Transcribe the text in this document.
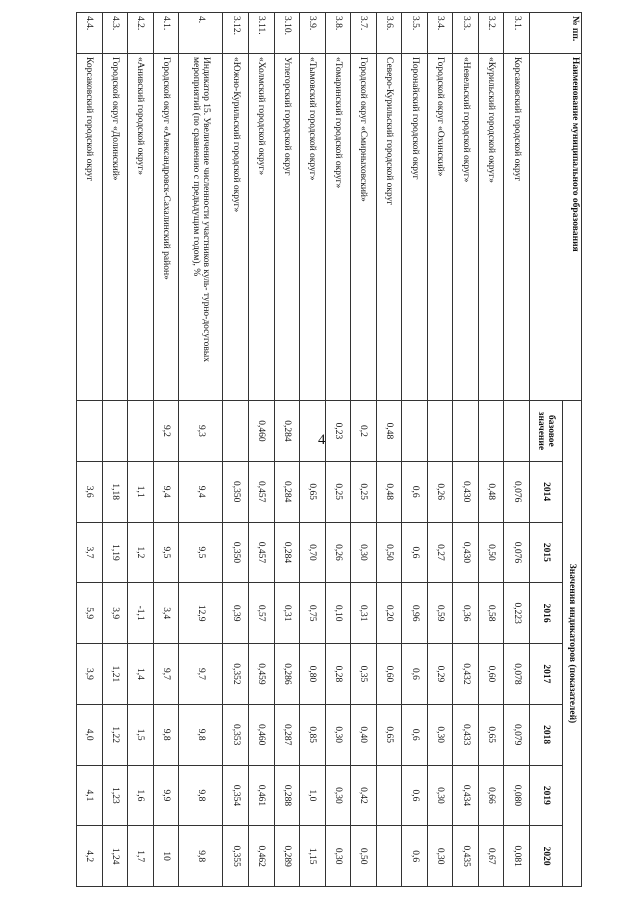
4
№ пп.	Наименование муниципального образования	Значения индикаторов (показателей)							
		базовое значение	2014	2015	2016	2017	2018	2019	2020
3.1.	Корсаковский городской округ		0,076	0,076	0,223	0,078	0,079	0,080	0,081
3.2.	«Курильский городской округ»		0,48	0,50	0,58	0,60	0,65	0,66	0,67
3.3.	«Невельский городской округ»		0,430	0,430	0,36	0,432	0,433	0,434	0,435
3.4.	Городской округ «Охинский»		0,26	0,27	0,59	0,29	0,30	0,30	0,30
3.5.	Поронайский городской округ		0,6	0,6	0,96	0,6	0,6	0,6	0,6
3.6.	Северо-Курильский городской округ	0,48	0,48	0,50	0,20	0,60	0,65		
3.7.	Городской округ «Смирныховский»	0,2	0,25	0,30	0,31	0,35	0,40	0,42	0,50
3.8.	«Томаринский городской округ»	0,23	0,25	0,26	0,10	0,28	0,30	0,30	0,30
3.9.	«Тымовский городской округ»		0,65	0,70	0,75	0,80	0,85	1,0	1,15
3.10.	Углегорский городской округ	0,284	0,284	0,284	0,31	0,286	0,287	0,288	0,289
3.11.	«Холмский городской округ»	0,460	0,457	0,457	0,57	0,459	0,460	0,461	0,462
3.12.	«Южно-Курильский городской округ»		0,350	0,350	0,39	0,352	0,353	0,354	0,355
4.	Индикатор 15. Увеличение численности участников куль- турно-досуговых мероприятий (по сравнению с предыдущим годом), %	9,3	9,4	9,5	12,9	9,7	9,8	9,8	9,8
4.1.	Городской округ «Александровск-Сахалинский район»	9,2	9,4	9,5	3,4	9,7	9,8	9,9	10
4.2.	«Анивский городской округ»		1,1	1,2	-1,1	1,4	1,5	1,6	1,7
4.3.	Городской округ «Долинский»		1,18	1,19	3,9	1,21	1,22	1,23	1,24
4.4.	Корсаковский городской округ		3,6	3,7	5,9	3,9	4,0	4,1	4,2
